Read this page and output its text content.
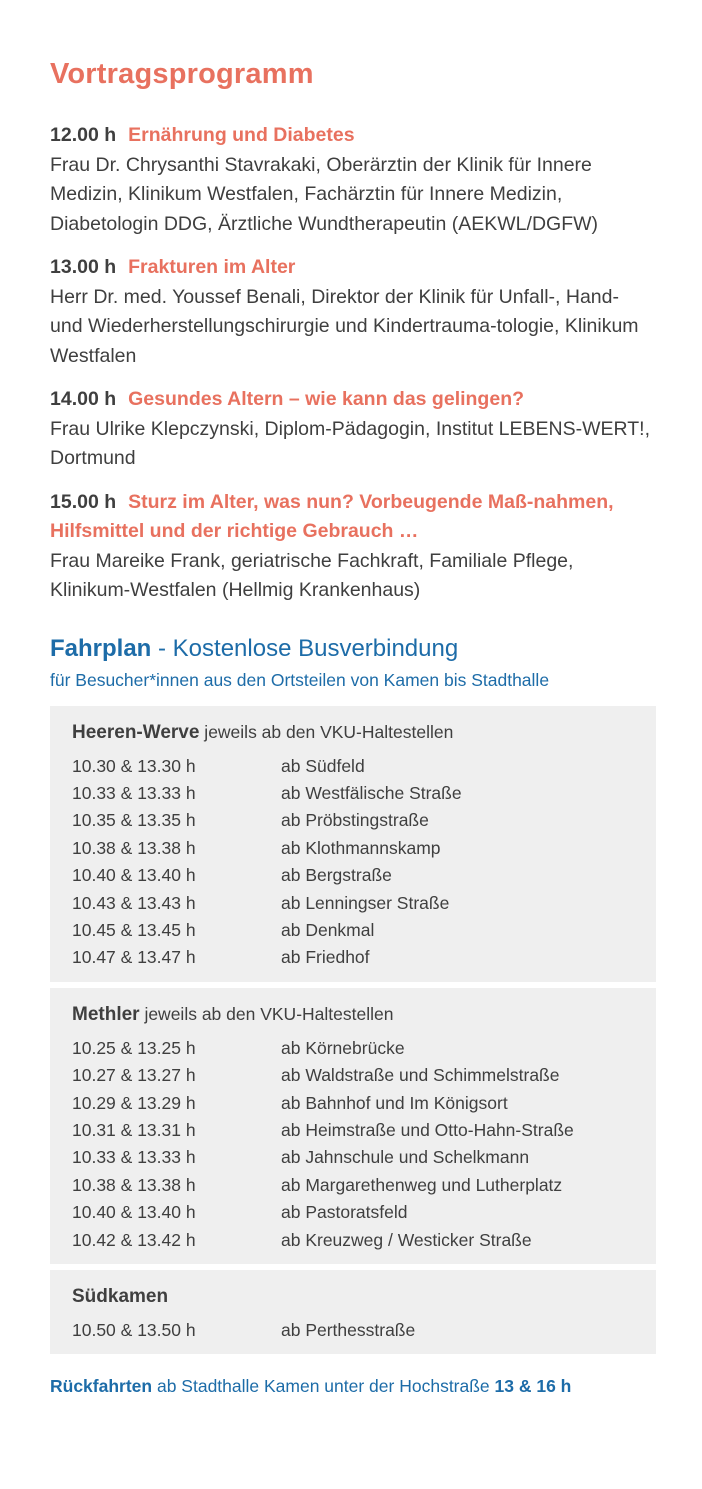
Vortragsprogramm
12.00 h Ernährung und Diabetes
Frau Dr. Chrysanthi Stavrakaki, Oberärztin der Klinik für Innere Medizin, Klinikum Westfalen, Fachärztin für Innere Medizin, Diabetologin DDG, Ärztliche Wundtherapeutin (AEKWL/DGFW)
13.00 h Frakturen im Alter
Herr Dr. med. Youssef Benali, Direktor der Klinik für Unfall-, Hand- und Wiederherstellungschirurgie und Kindertrauma-tologie, Klinikum Westfalen
14.00 h Gesundes Altern – wie kann das gelingen?
Frau Ulrike Klepczynski, Diplom-Pädagogin, Institut LEBENS-WERT!, Dortmund
15.00 h Sturz im Alter, was nun? Vorbeugende Maß-nahmen, Hilfsmittel und der richtige Gebrauch …
Frau Mareike Frank, geriatrische Fachkraft, Familiale Pflege, Klinikum-Westfalen (Hellmig Krankenhaus)
Fahrplan - Kostenlose Busverbindung
für Besucher*innen aus den Ortsteilen von Kamen bis Stadthalle
Heeren-Werve jeweils ab den VKU-Haltestellen
10.30 & 13.30 h	ab Südfeld
10.33 & 13.33 h	ab Westfälische Straße
10.35 & 13.35 h	ab Pröbstingstraße
10.38 & 13.38 h	ab Klothmannskamp
10.40 & 13.40 h	ab Bergstraße
10.43 & 13.43 h	ab Lenningser Straße
10.45 & 13.45 h	ab Denkmal
10.47 & 13.47 h	ab Friedhof
Methler jeweils ab den VKU-Haltestellen
10.25 & 13.25 h	ab Körnebrücke
10.27 & 13.27 h	ab Waldstraße und Schimmelstraße
10.29 & 13.29 h	ab Bahnhof und Im Königsort
10.31 & 13.31 h	ab Heimstraße und Otto-Hahn-Straße
10.33 & 13.33 h	ab Jahnschule und Schelkmann
10.38 & 13.38 h	ab Margarethenweg und Lutherplatz
10.40 & 13.40 h	ab Pastoratsfeld
10.42 & 13.42 h	ab Kreuzweg / Westicker Straße
Südkamen
10.50 & 13.50 h	ab Perthesstraße
Rückfahrten ab Stadthalle Kamen unter der Hochstraße 13 & 16 h
